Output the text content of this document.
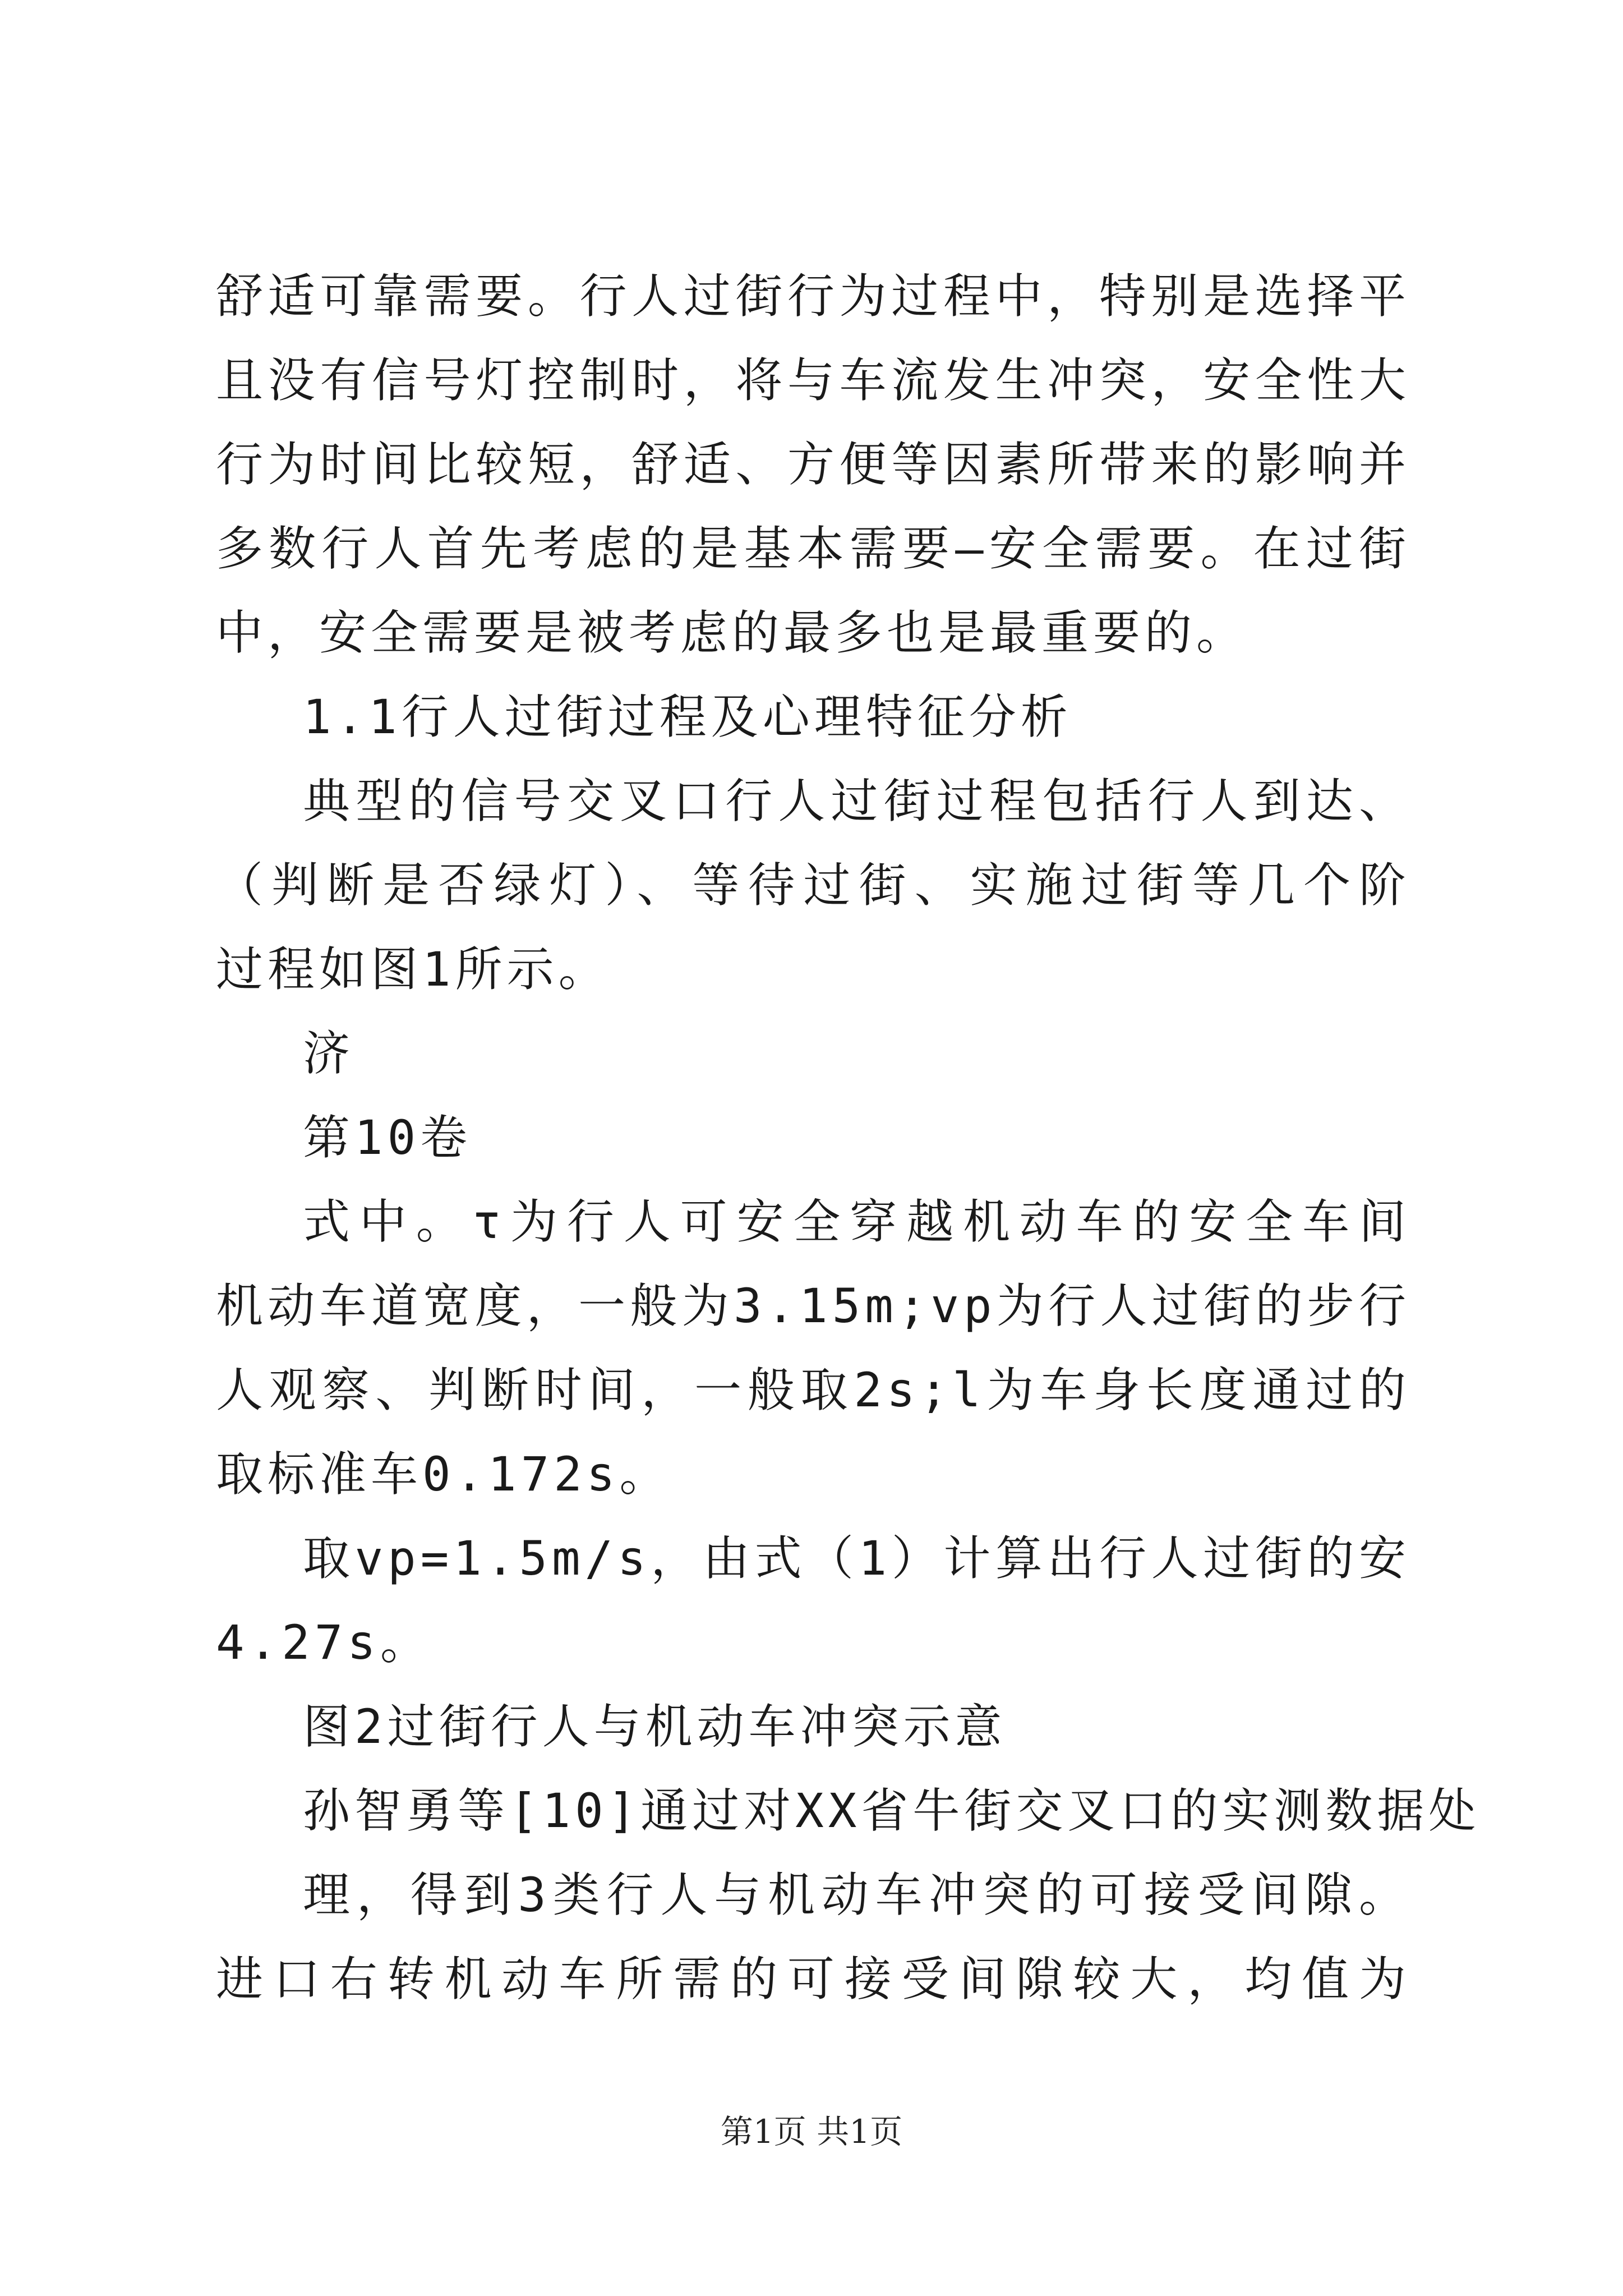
舒适可靠需要。行人过街行为过程中，特别是选择平
且没有信号灯控制时，将与车流发生冲突，安全性大
行为时间比较短，舒适、方便等因素所带来的影响并
多数行人首先考虑的是基本需要—安全需要。在过街
中，安全需要是被考虑的最多也是最重要的。
1.1行人过街过程及心理特征分析
典型的信号交叉口行人过街过程包括行人到达、
（判断是否绿灯）、等待过街、实施过街等几个阶
过程如图1所示。
济
第10卷
式中。τ为行人可安全穿越机动车的安全车间
机动车道宽度，一般为3.15m;vp为行人过街的步行
人观察、判断时间，一般取2s;l为车身长度通过的
取标准车0.172s。
取vp=1.5m/s，由式（1）计算出行人过街的安
4.27s。
图2过街行人与机动车冲突示意
孙智勇等[10]通过对XX省牛街交叉口的实测数据处
理，得到3类行人与机动车冲突的可接受间隙。
进口右转机动车所需的可接受间隙较大，均值为
第1页 共1页
